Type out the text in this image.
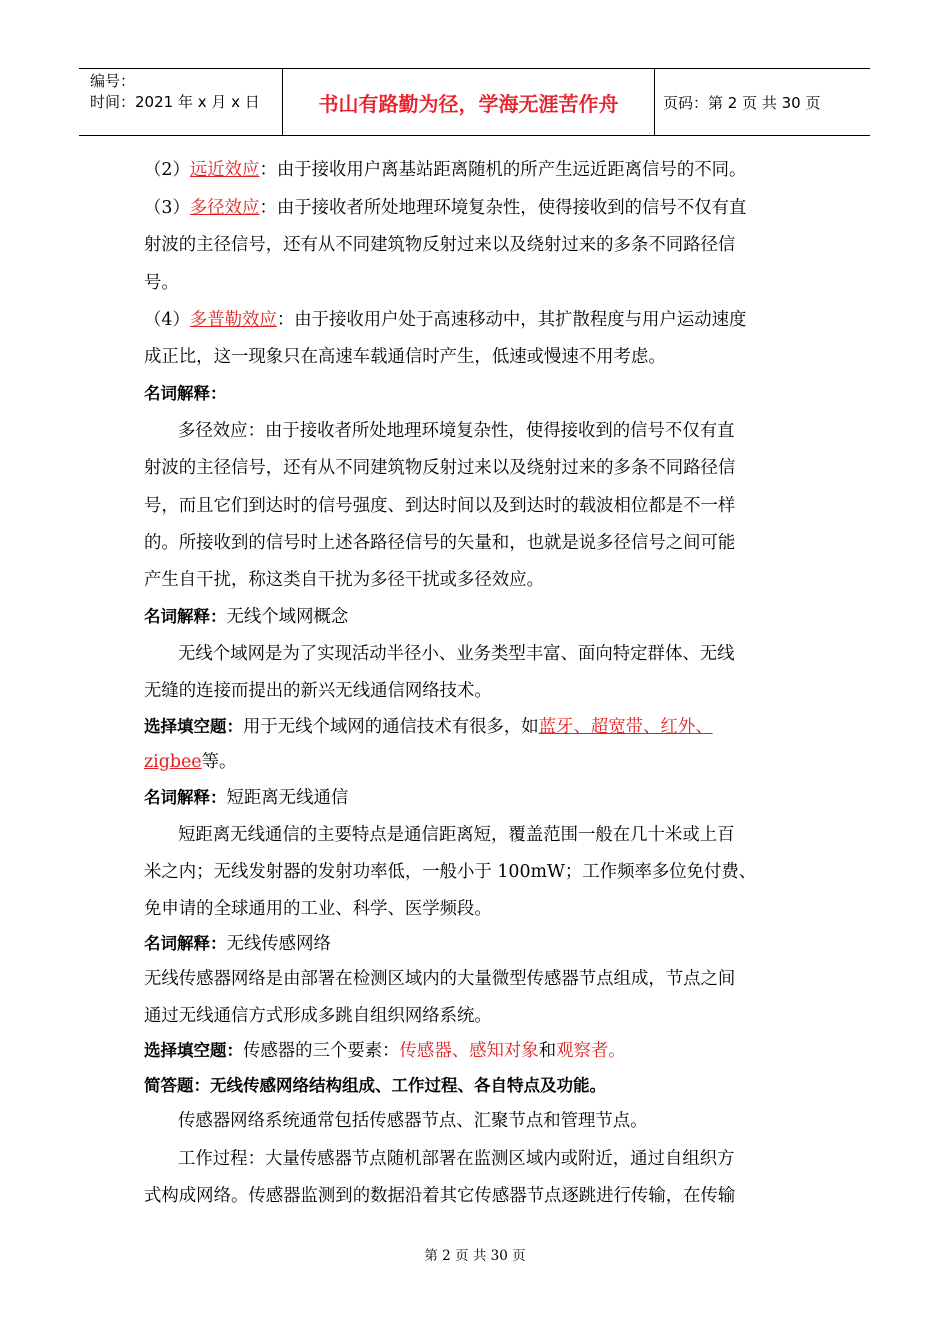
编号：
时间：2021 年 x 月 x 日	书山有路勤为径，学海无涯苦作舟	页码：第 2 页 共 30 页
（2）远近效应：由于接收用户离基站距离随机的所产生远近距离信号的不同。
（3）多径效应：由于接收者所处地理环境复杂性，使得接收到的信号不仅有直
射波的主径信号，还有从不同建筑物反射过来以及绕射过来的多条不同路径信
号。
（4）多普勒效应：由于接收用户处于高速移动中，其扩散程度与用户运动速度
成正比，这一现象只在高速车载通信时产生，低速或慢速不用考虑。
名词解释：
多径效应：由于接收者所处地理环境复杂性，使得接收到的信号不仅有直
射波的主径信号，还有从不同建筑物反射过来以及绕射过来的多条不同路径信
号，而且它们到达时的信号强度、到达时间以及到达时的载波相位都是不一样
的。所接收到的信号时上述各路径信号的矢量和，也就是说多径信号之间可能
产生自干扰，称这类自干扰为多径干扰或多径效应。
名词解释：无线个域网概念
无线个域网是为了实现活动半径小、业务类型丰富、面向特定群体、无线
无缝的连接而提出的新兴无线通信网络技术。
选择填空题：用于无线个域网的通信技术有很多，如蓝牙、超宽带、红外、
zigbee等。
名词解释：短距离无线通信
短距离无线通信的主要特点是通信距离短，覆盖范围一般在几十米或上百
米之内；无线发射器的发射功率低，一般小于 100mW；工作频率多位免付费、
免申请的全球通用的工业、科学、医学频段。
名词解释：无线传感网络
无线传感器网络是由部署在检测区域内的大量微型传感器节点组成，节点之间
通过无线通信方式形成多跳自组织网络系统。
选择填空题：传感器的三个要素：传感器、感知对象和观察者。
简答题：无线传感网络结构组成、工作过程、各自特点及功能。
传感器网络系统通常包括传感器节点、汇聚节点和管理节点。
工作过程：大量传感器节点随机部署在监测区域内或附近，通过自组织方
式构成网络。传感器监测到的数据沿着其它传感器节点逐跳进行传输，在传输
第 2 页 共 30 页
